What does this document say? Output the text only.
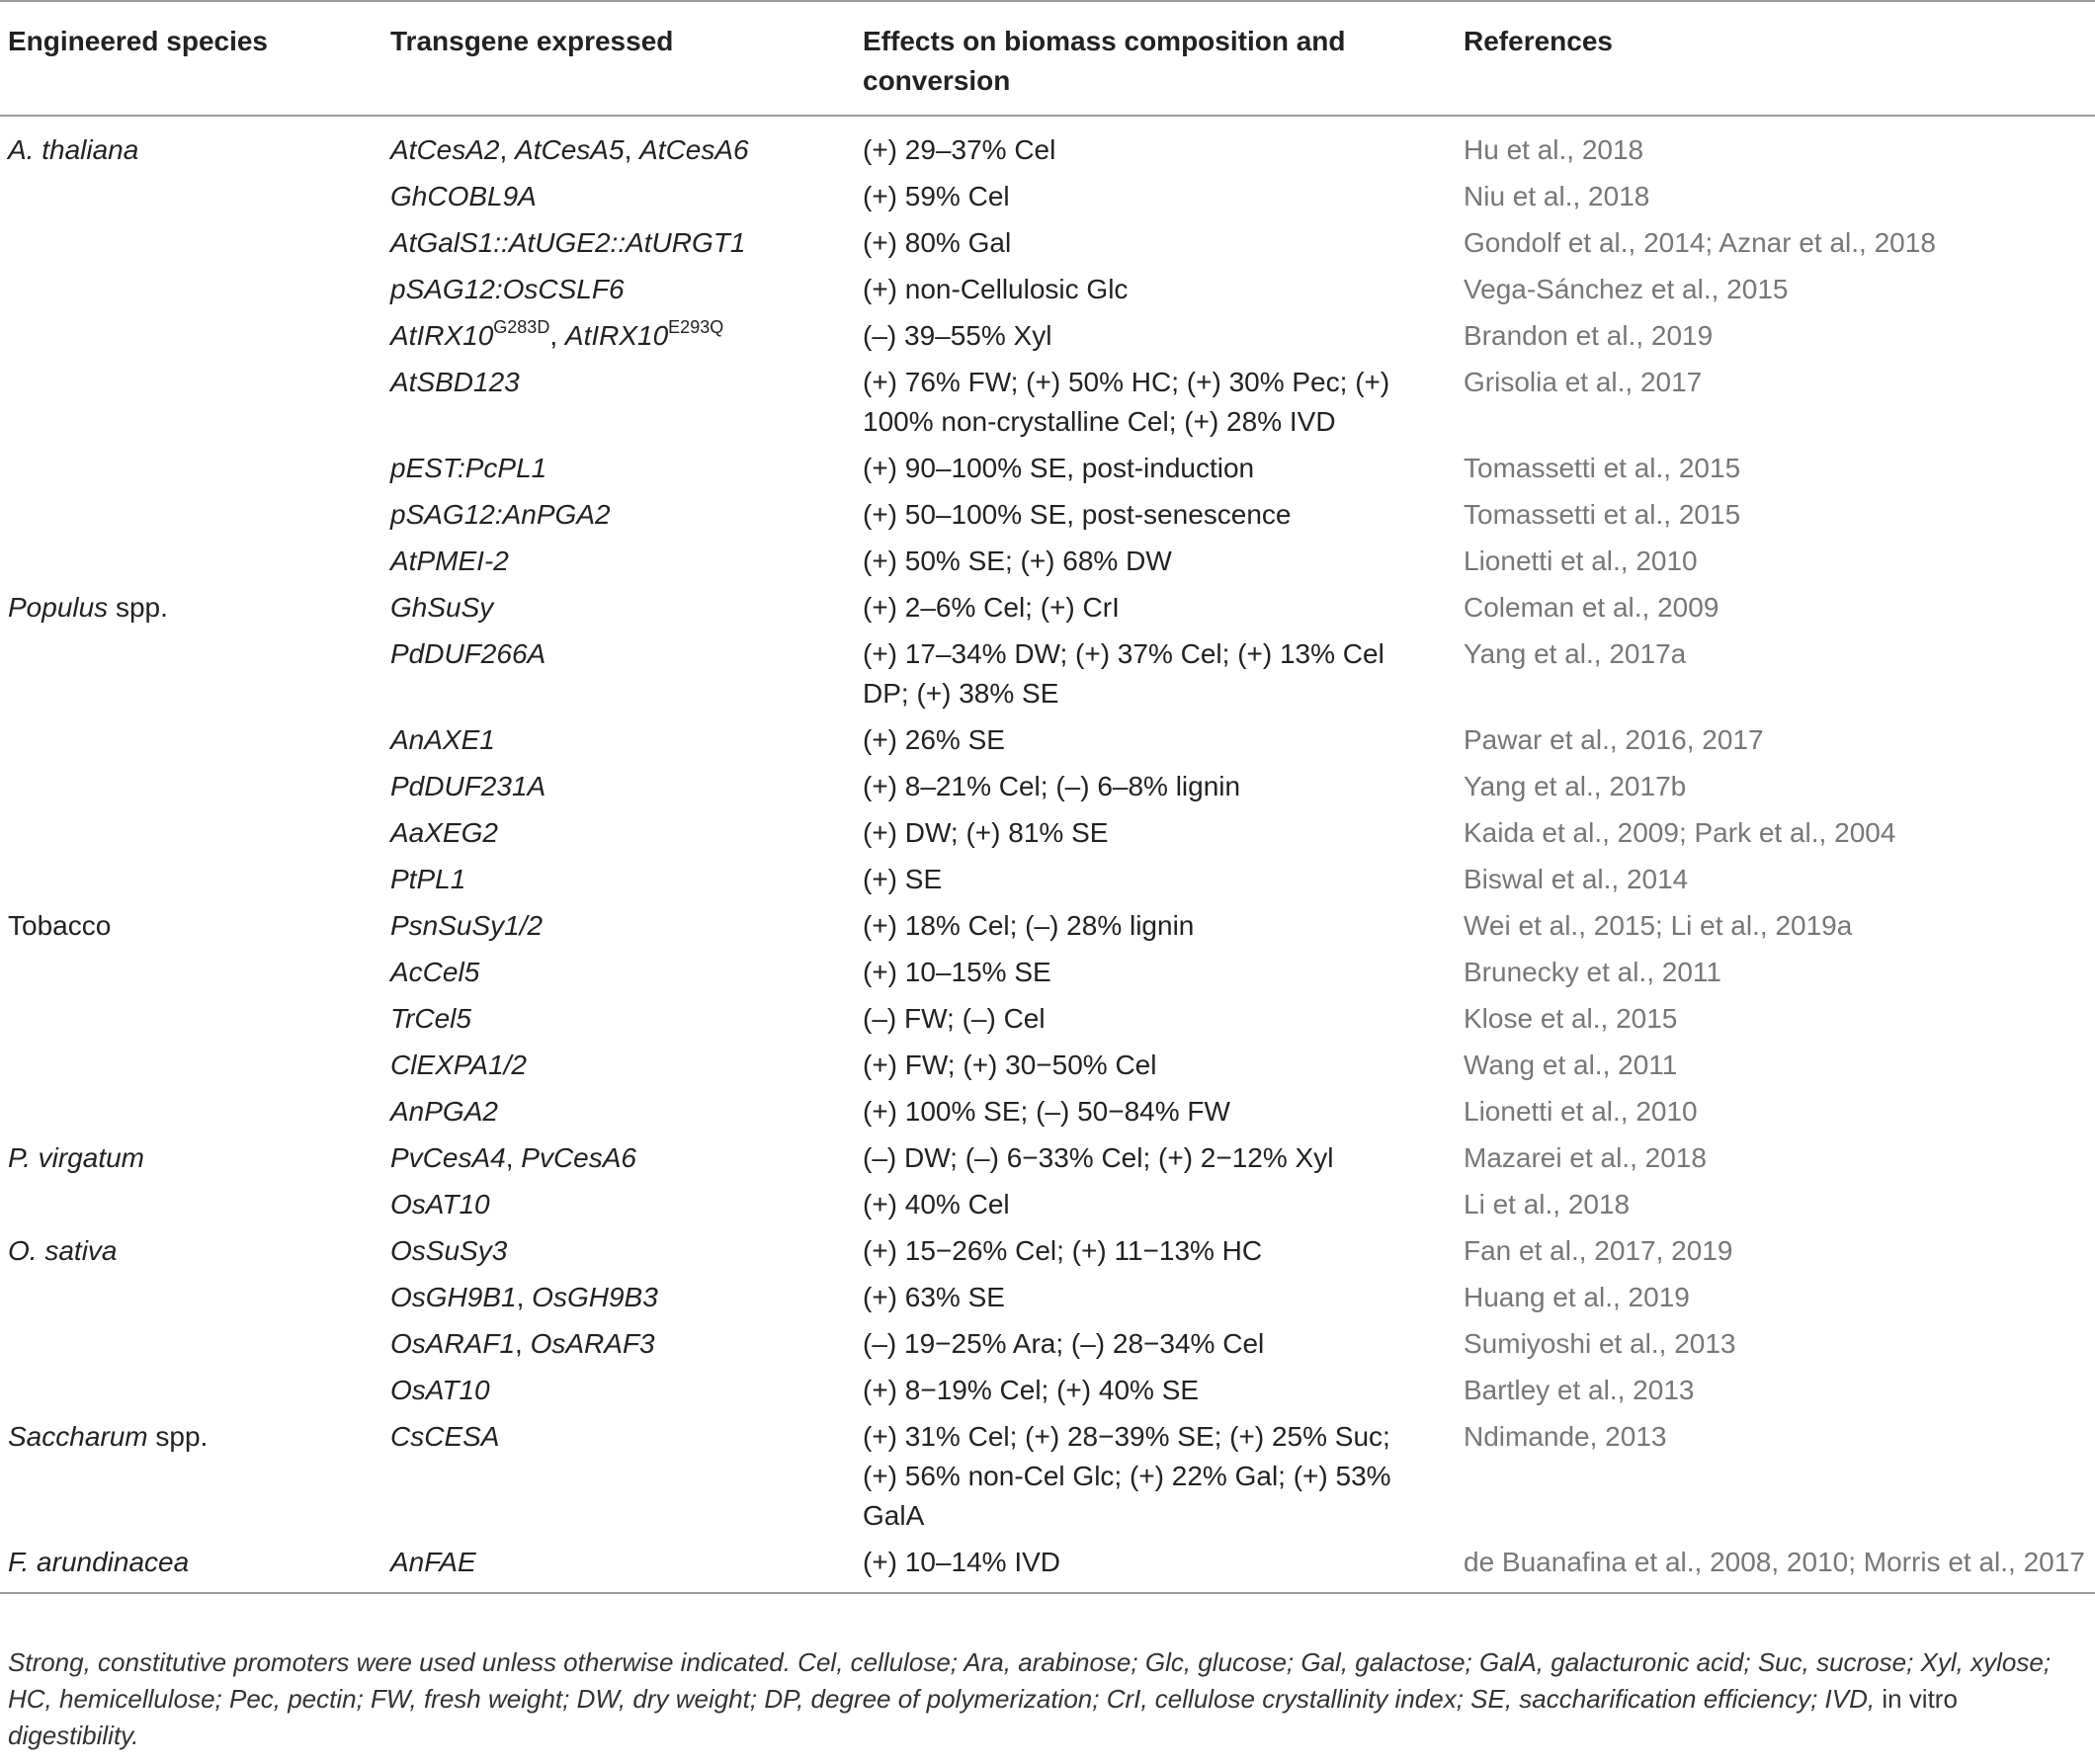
Engineered species	Transgene expressed	Effects on biomass composition and conversion	References
A. thaliana	AtCesA2, AtCesA5, AtCesA6	(+) 29–37% Cel	Hu et al., 2018
	GhCOBL9A	(+) 59% Cel	Niu et al., 2018
	AtGalS1::AtUGE2::AtURGT1	(+) 80% Gal	Gondolf et al., 2014; Aznar et al., 2018
	pSAG12:OsCSLF6	(+) non-Cellulosic Glc	Vega-Sánchez et al., 2015
	$AtIRX10^{G283D}$, $AtIRX10^{E293Q}$	(–) 39–55% Xyl	Brandon et al., 2019
	AtSBD123	(+) 76% FW; (+) 50% HC; (+) 30% Pec; (+) 100% non-crystalline Cel; (+) 28% IVD	Grisolia et al., 2017
	pEST:PcPL1	(+) 90–100% SE, post-induction	Tomassetti et al., 2015
	pSAG12:AnPGA2	(+) 50–100% SE, post-senescence	Tomassetti et al., 2015
	AtPMEI-2	(+) 50% SE; (+) 68% DW	Lionetti et al., 2010
Populus spp.	GhSuSy	(+) 2–6% Cel; (+) CrI	Coleman et al., 2009
	PdDUF266A	(+) 17–34% DW; (+) 37% Cel; (+) 13% Cel DP; (+) 38% SE	Yang et al., 2017a
	AnAXE1	(+) 26% SE	Pawar et al., 2016, 2017
	PdDUF231A	(+) 8–21% Cel; (–) 6–8% lignin	Yang et al., 2017b
	AaXEG2	(+) DW; (+) 81% SE	Kaida et al., 2009; Park et al., 2004
	PtPL1	(+) SE	Biswal et al., 2014
Tobacco	PsnSuSy1/2	(+) 18% Cel; (–) 28% lignin	Wei et al., 2015; Li et al., 2019a
	AcCel5	(+) 10–15% SE	Brunecky et al., 2011
	TrCel5	(–) FW; (–) Cel	Klose et al., 2015
	ClEXPA1/2	(+) FW; (+) 30−50% Cel	Wang et al., 2011
	AnPGA2	(+) 100% SE; (–) 50−84% FW	Lionetti et al., 2010
P. virgatum	PvCesA4, PvCesA6	(–) DW; (–) 6−33% Cel; (+) 2−12% Xyl	Mazarei et al., 2018
	OsAT10	(+) 40% Cel	Li et al., 2018
O. sativa	OsSuSy3	(+) 15−26% Cel; (+) 11−13% HC	Fan et al., 2017, 2019
	OsGH9B1, OsGH9B3	(+) 63% SE	Huang et al., 2019
	OsARAF1, OsARAF3	(–) 19−25% Ara; (–) 28−34% Cel	Sumiyoshi et al., 2013
	OsAT10	(+) 8−19% Cel; (+) 40% SE	Bartley et al., 2013
Saccharum spp.	CsCESA	(+) 31% Cel; (+) 28−39% SE; (+) 25% Suc; (+) 56% non-Cel Glc; (+) 22% Gal; (+) 53% GalA	Ndimande, 2013
F. arundinacea	AnFAE	(+) 10–14% IVD	de Buanafina et al., 2008, 2010; Morris et al., 2017

Strong, constitutive promoters were used unless otherwise indicated. Cel, cellulose; Ara, arabinose; Glc, glucose; Gal, galactose; GalA, galacturonic acid; Suc, sucrose; Xyl, xylose; HC, hemicellulose; Pec, pectin; FW, fresh weight; DW, dry weight; DP, degree of polymerization; CrI, cellulose crystallinity index; SE, saccharification efficiency; IVD, in vitro digestibility.
